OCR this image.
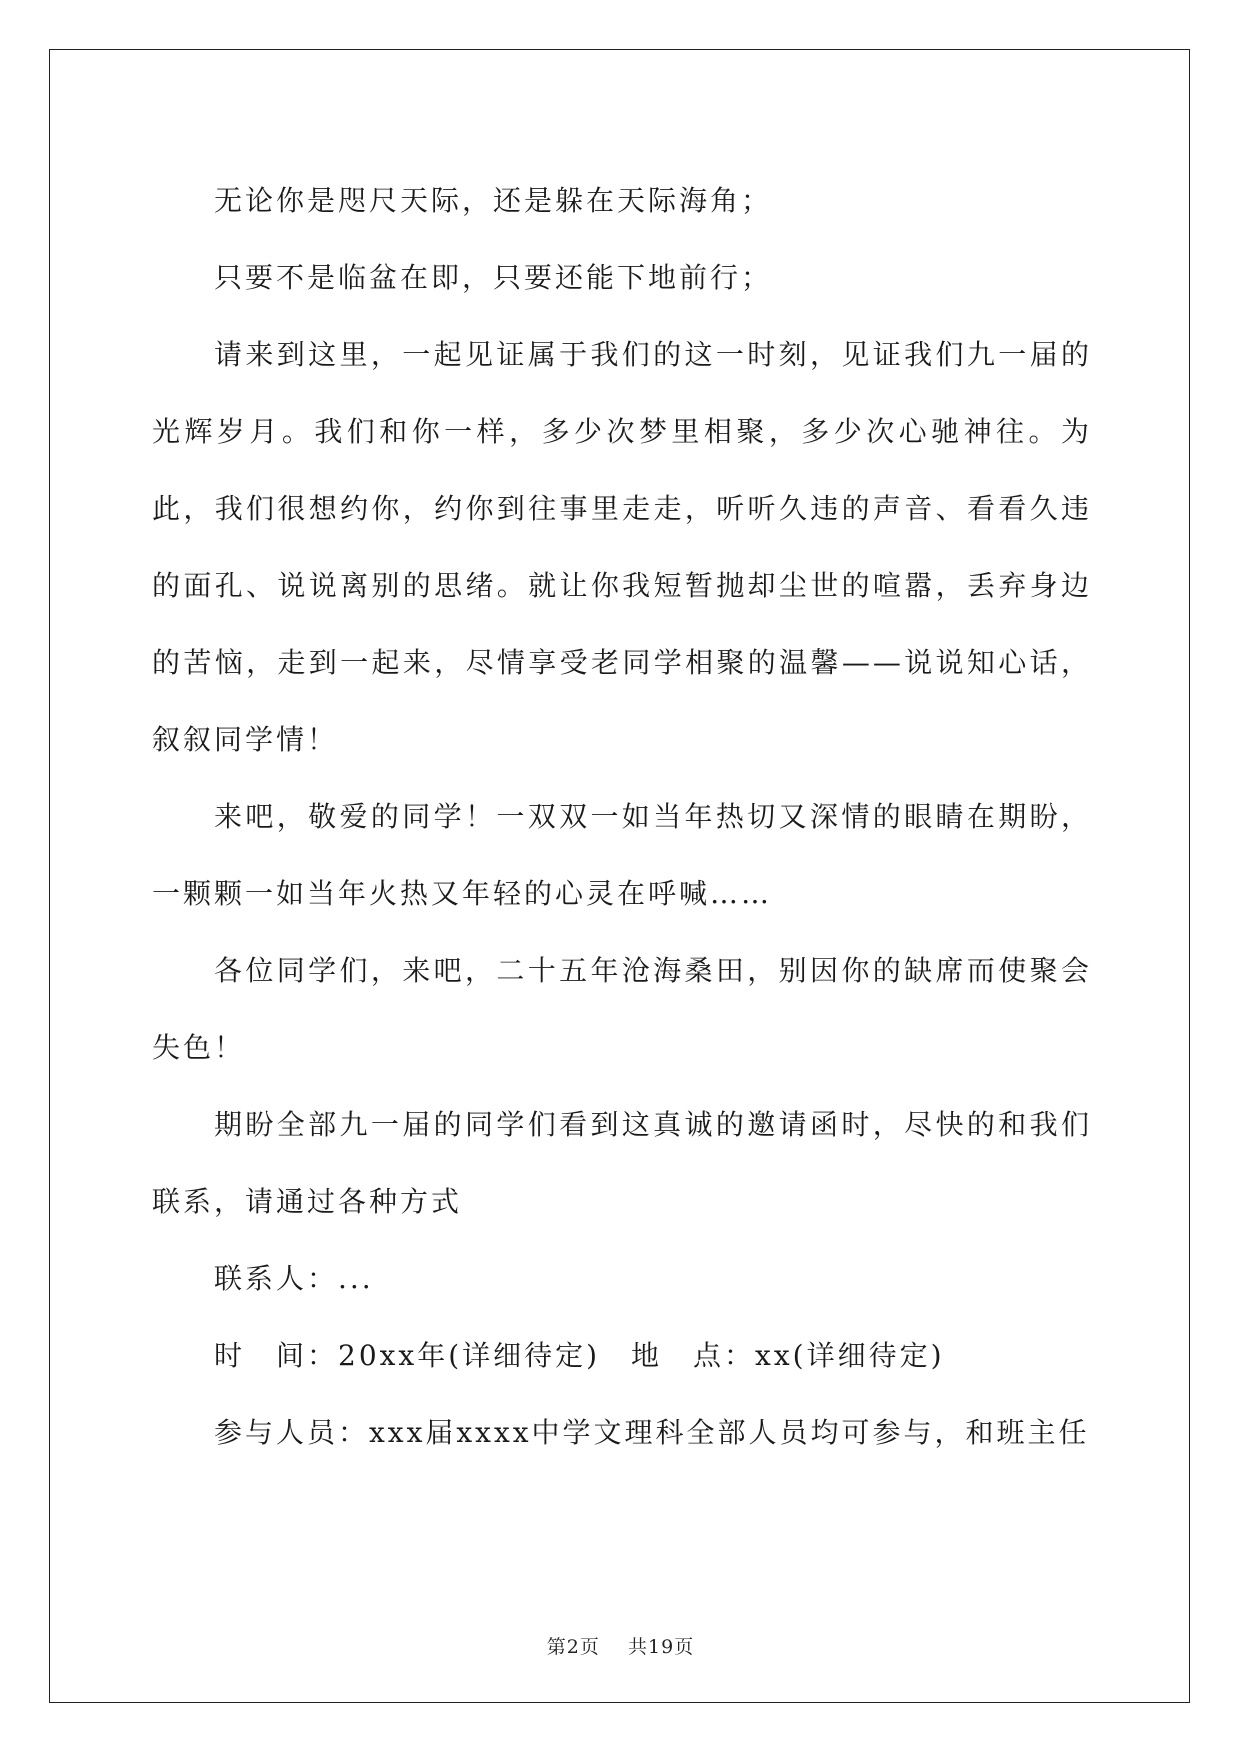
无论你是咫尺天际，还是躲在天际海角；

只要不是临盆在即，只要还能下地前行；

请来到这里，一起见证属于我们的这一时刻，见证我们九一届的光辉岁月。我们和你一样，多少次梦里相聚，多少次心驰神往。为此，我们很想约你，约你到往事里走走，听听久违的声音、看看久违的面孔、说说离别的思绪。就让你我短暂抛却尘世的喧嚣，丢弃身边的苦恼，走到一起来，尽情享受老同学相聚的温馨——说说知心话，叙叙同学情！

来吧，敬爱的同学！一双双一如当年热切又深情的眼睛在期盼，一颗颗一如当年火热又年轻的心灵在呼喊……

各位同学们，来吧，二十五年沧海桑田，别因你的缺席而使聚会失色！

期盼全部九一届的同学们看到这真诚的邀请函时，尽快的和我们联系，请通过各种方式

联系人：...

时　间：20xx年(详细待定)　地　点：xx(详细待定)

参与人员：xxx届xxxx中学文理科全部人员均可参与，和班主任

第2页 共19页
